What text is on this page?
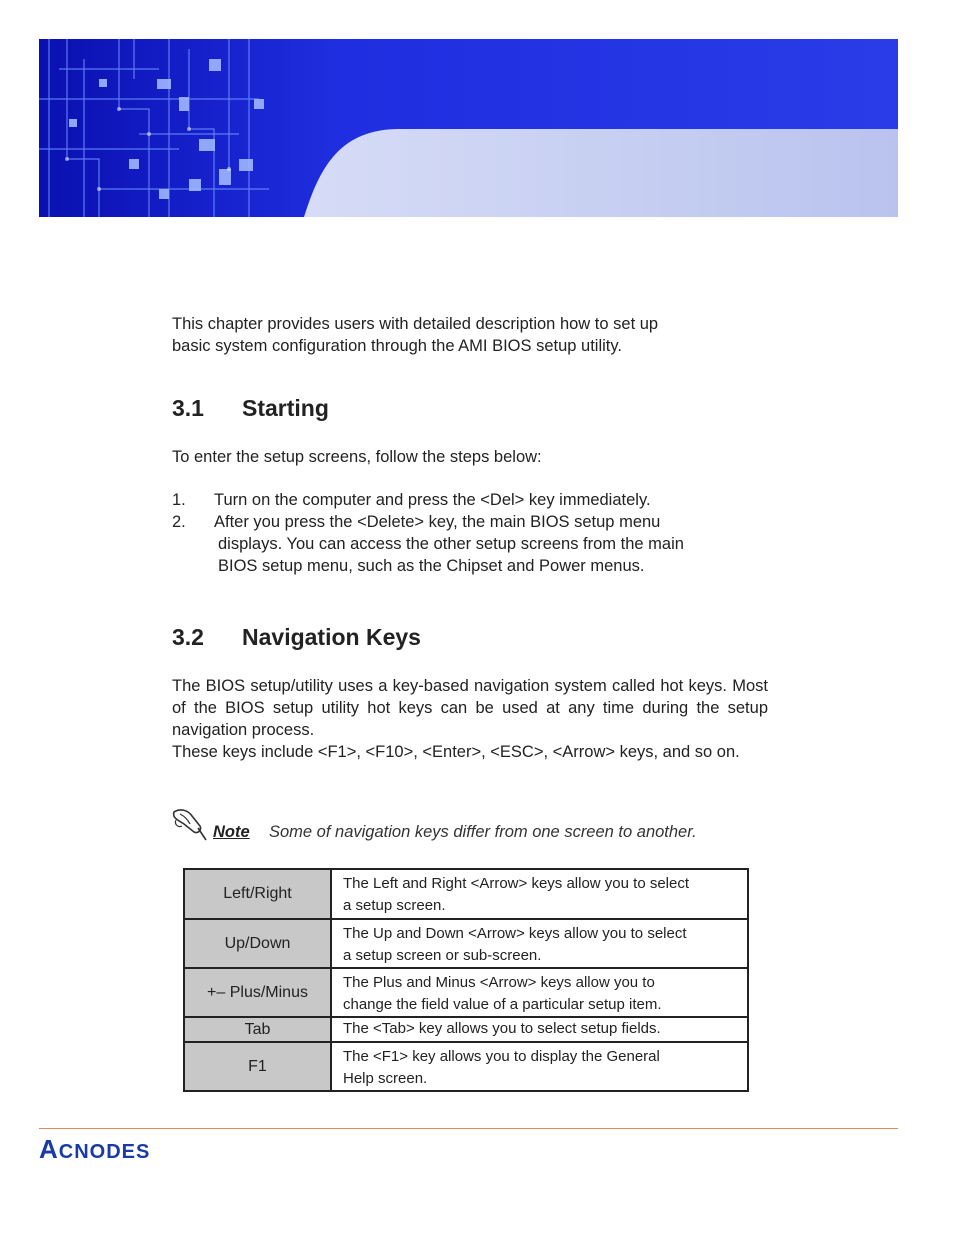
This chapter provides users with detailed description how to set up
basic system configuration through the AMI BIOS setup utility.
3.1 Starting
To enter the setup screens, follow the steps below:
1. Turn on the computer and press the <Del> key immediately.
2. After you press the <Delete> key, the main BIOS setup menu
displays. You can access the other setup screens from the main
BIOS setup menu, such as the Chipset and Power menus.
3.2 Navigation Keys
The BIOS setup/utility uses a key-based navigation system called hot keys. Most of the BIOS setup utility hot keys can be used at any time during the setup navigation process.
These keys include <F1>, <F10>, <Enter>, <ESC>, <Arrow> keys, and so on.
Note Some of navigation keys differ from one screen to another.
Left/Right	The Left and Right <Arrow> keys allow you to select
a setup screen.

Up/Down	The Up and Down <Arrow> keys allow you to select
a setup screen or sub-screen.

+– Plus/Minus	The Plus and Minus <Arrow> keys allow you to
change the field value of a particular setup item.

Tab	The <Tab> key allows you to select setup fields.

F1	The <F1> key allows you to display the General
Help screen.
ACNODES
